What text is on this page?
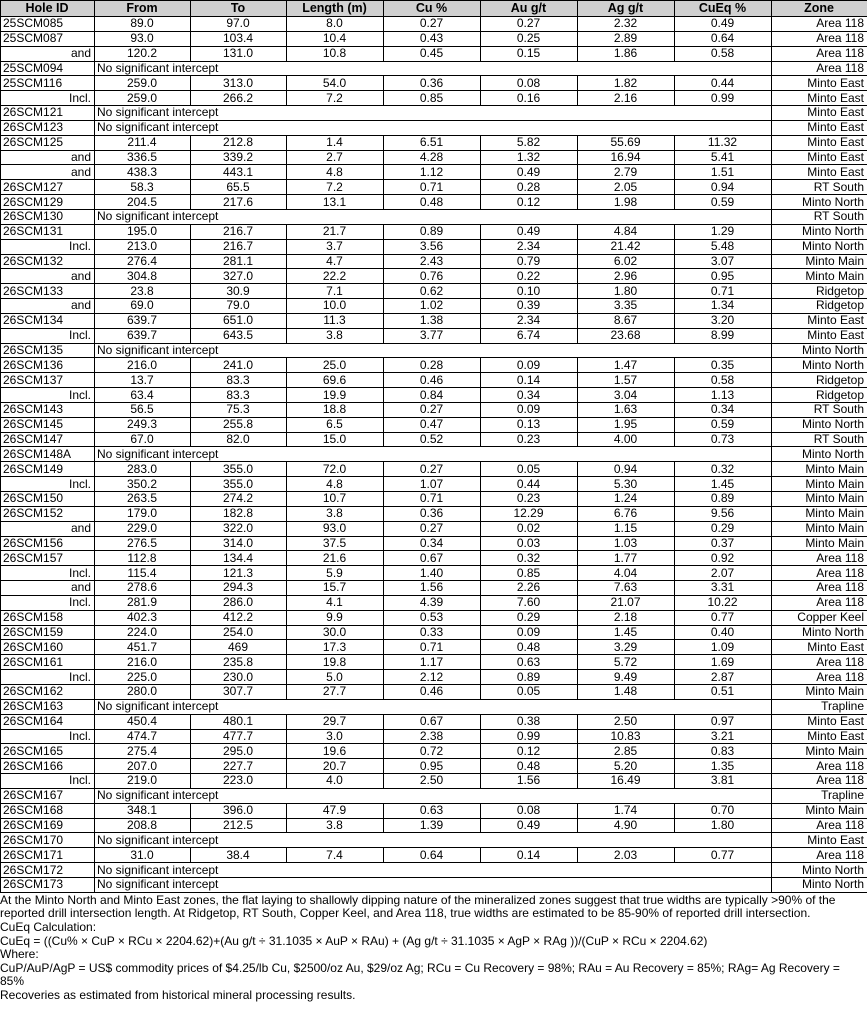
Hole ID	From	To	Length (m)	Cu %	Au g/t	Ag g/t	CuEq %	Zone
25SCM085	89.0	97.0	8.0	0.27	0.27	2.32	0.49	Area 118
25SCM087	93.0	103.4	10.4	0.43	0.25	2.89	0.64	Area 118
and	120.2	131.0	10.8	0.45	0.15	1.86	0.58	Area 118
25SCM094	No significant intercept							Area 118
25SCM116	259.0	313.0	54.0	0.36	0.08	1.82	0.44	Minto East
Incl.	259.0	266.2	7.2	0.85	0.16	2.16	0.99	Minto East
26SCM121	No significant intercept							Minto East
26SCM123	No significant intercept							Minto East
26SCM125	211.4	212.8	1.4	6.51	5.82	55.69	11.32	Minto East
and	336.5	339.2	2.7	4.28	1.32	16.94	5.41	Minto East
and	438.3	443.1	4.8	1.12	0.49	2.79	1.51	Minto East
26SCM127	58.3	65.5	7.2	0.71	0.28	2.05	0.94	RT South
26SCM129	204.5	217.6	13.1	0.48	0.12	1.98	0.59	Minto North
26SCM130	No significant intercept							RT South
26SCM131	195.0	216.7	21.7	0.89	0.49	4.84	1.29	Minto North
Incl.	213.0	216.7	3.7	3.56	2.34	21.42	5.48	Minto North
26SCM132	276.4	281.1	4.7	2.43	0.79	6.02	3.07	Minto Main
and	304.8	327.0	22.2	0.76	0.22	2.96	0.95	Minto Main
26SCM133	23.8	30.9	7.1	0.62	0.10	1.80	0.71	Ridgetop
and	69.0	79.0	10.0	1.02	0.39	3.35	1.34	Ridgetop
26SCM134	639.7	651.0	11.3	1.38	2.34	8.67	3.20	Minto East
Incl.	639.7	643.5	3.8	3.77	6.74	23.68	8.99	Minto East
26SCM135	No significant intercept							Minto North
26SCM136	216.0	241.0	25.0	0.28	0.09	1.47	0.35	Minto North
26SCM137	13.7	83.3	69.6	0.46	0.14	1.57	0.58	Ridgetop
Incl.	63.4	83.3	19.9	0.84	0.34	3.04	1.13	Ridgetop
26SCM143	56.5	75.3	18.8	0.27	0.09	1.63	0.34	RT South
26SCM145	249.3	255.8	6.5	0.47	0.13	1.95	0.59	Minto North
26SCM147	67.0	82.0	15.0	0.52	0.23	4.00	0.73	RT South
26SCM148A	No significant intercept							Minto North
26SCM149	283.0	355.0	72.0	0.27	0.05	0.94	0.32	Minto Main
Incl.	350.2	355.0	4.8	1.07	0.44	5.30	1.45	Minto Main
26SCM150	263.5	274.2	10.7	0.71	0.23	1.24	0.89	Minto Main
26SCM152	179.0	182.8	3.8	0.36	12.29	6.76	9.56	Minto Main
and	229.0	322.0	93.0	0.27	0.02	1.15	0.29	Minto Main
26SCM156	276.5	314.0	37.5	0.34	0.03	1.03	0.37	Minto Main
26SCM157	112.8	134.4	21.6	0.67	0.32	1.77	0.92	Area 118
Incl.	115.4	121.3	5.9	1.40	0.85	4.04	2.07	Area 118
and	278.6	294.3	15.7	1.56	2.26	7.63	3.31	Area 118
Incl.	281.9	286.0	4.1	4.39	7.60	21.07	10.22	Area 118
26SCM158	402.3	412.2	9.9	0.53	0.29	2.18	0.77	Copper Keel
26SCM159	224.0	254.0	30.0	0.33	0.09	1.45	0.40	Minto North
26SCM160	451.7	469	17.3	0.71	0.48	3.29	1.09	Minto East
26SCM161	216.0	235.8	19.8	1.17	0.63	5.72	1.69	Area 118
Incl.	225.0	230.0	5.0	2.12	0.89	9.49	2.87	Area 118
26SCM162	280.0	307.7	27.7	0.46	0.05	1.48	0.51	Minto Main
26SCM163	No significant intercept							Trapline
26SCM164	450.4	480.1	29.7	0.67	0.38	2.50	0.97	Minto East
Incl.	474.7	477.7	3.0	2.38	0.99	10.83	3.21	Minto East
26SCM165	275.4	295.0	19.6	0.72	0.12	2.85	0.83	Minto Main
26SCM166	207.0	227.7	20.7	0.95	0.48	5.20	1.35	Area 118
Incl.	219.0	223.0	4.0	2.50	1.56	16.49	3.81	Area 118
26SCM167	No significant intercept							Trapline
26SCM168	348.1	396.0	47.9	0.63	0.08	1.74	0.70	Minto Main
26SCM169	208.8	212.5	3.8	1.39	0.49	4.90	1.80	Area 118
26SCM170	No significant intercept							Minto East
26SCM171	31.0	38.4	7.4	0.64	0.14	2.03	0.77	Area 118
26SCM172	No significant intercept							Minto North
26SCM173	No significant intercept							Minto North

At the Minto North and Minto East zones, the flat laying to shallowly dipping nature of the mineralized zones suggest that true widths are typically >90% of the reported drill intersection length. At Ridgetop, RT South, Copper Keel, and Area 118, true widths are estimated to be 85-90% of reported drill intersection.

CuEq Calculation:

CuEq = ((Cu% × CuP × RCu × 2204.62)+(Au g/t ÷ 31.1035 × AuP × RAu) + (Ag g/t ÷ 31.1035 × AgP × RAg ))/(CuP × RCu × 2204.62)

Where:

CuP/AuP/AgP = US$ commodity prices of $4.25/lb Cu, $2500/oz Au, $29/oz Ag; RCu = Cu Recovery = 98%; RAu = Au Recovery = 85%; RAg= Ag Recovery = 85%

Recoveries as estimated from historical mineral processing results.
